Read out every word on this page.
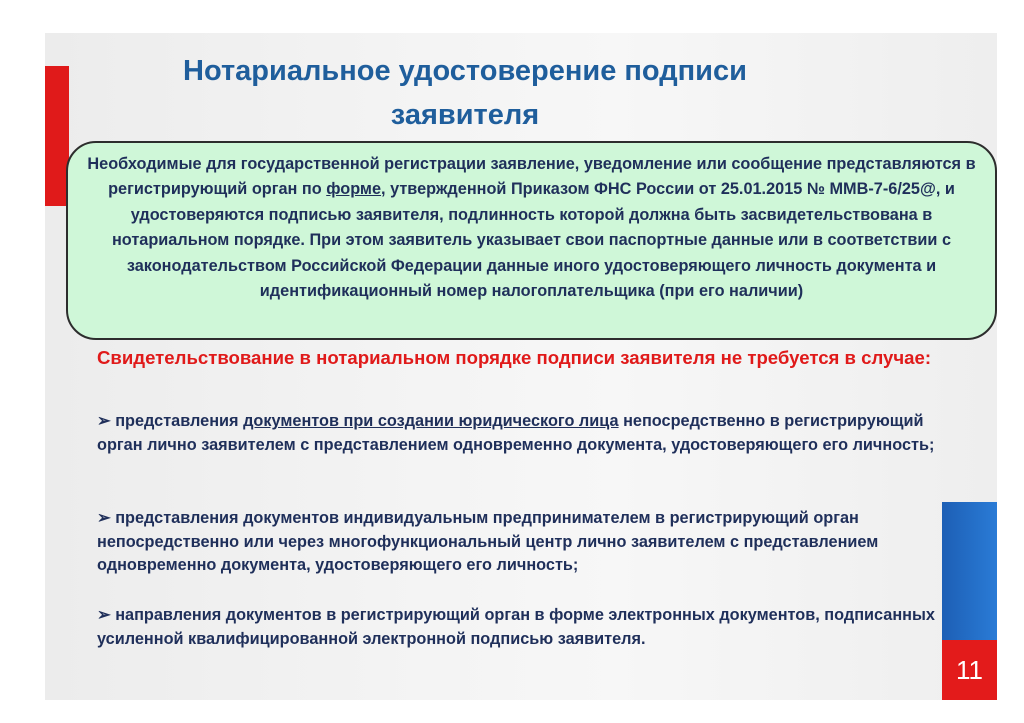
11
Нотариальное удостоверение подписи
заявителя
Необходимые для государственной регистрации заявление, уведомление или сообщение представляются в регистрирующий орган по форме, утвержденной Приказом ФНС России от 25.01.2015 № ММВ-7-6/25@, и удостоверяются подписью заявителя, подлинность которой должна быть засвидетельствована в нотариальном порядке. При этом заявитель указывает свои паспортные данные или в соответствии с законодательством Российской Федерации данные иного удостоверяющего личность документа и идентификационный номер налогоплательщика (при его наличии)
Свидетельствование в нотариальном порядке подписи заявителя не требуется в случае:
➢ представления документов при создании юридического лица непосредственно в регистрирующий орган лично заявителем с представлением одновременно документа, удостоверяющего его личность;
➢ представления документов индивидуальным предпринимателем в регистрирующий орган непосредственно или через многофункциональный центр лично заявителем с представлением одновременно документа, удостоверяющего его личность;
➢ направления документов в регистрирующий орган в форме электронных документов, подписанных усиленной квалифицированной электронной подписью заявителя.
